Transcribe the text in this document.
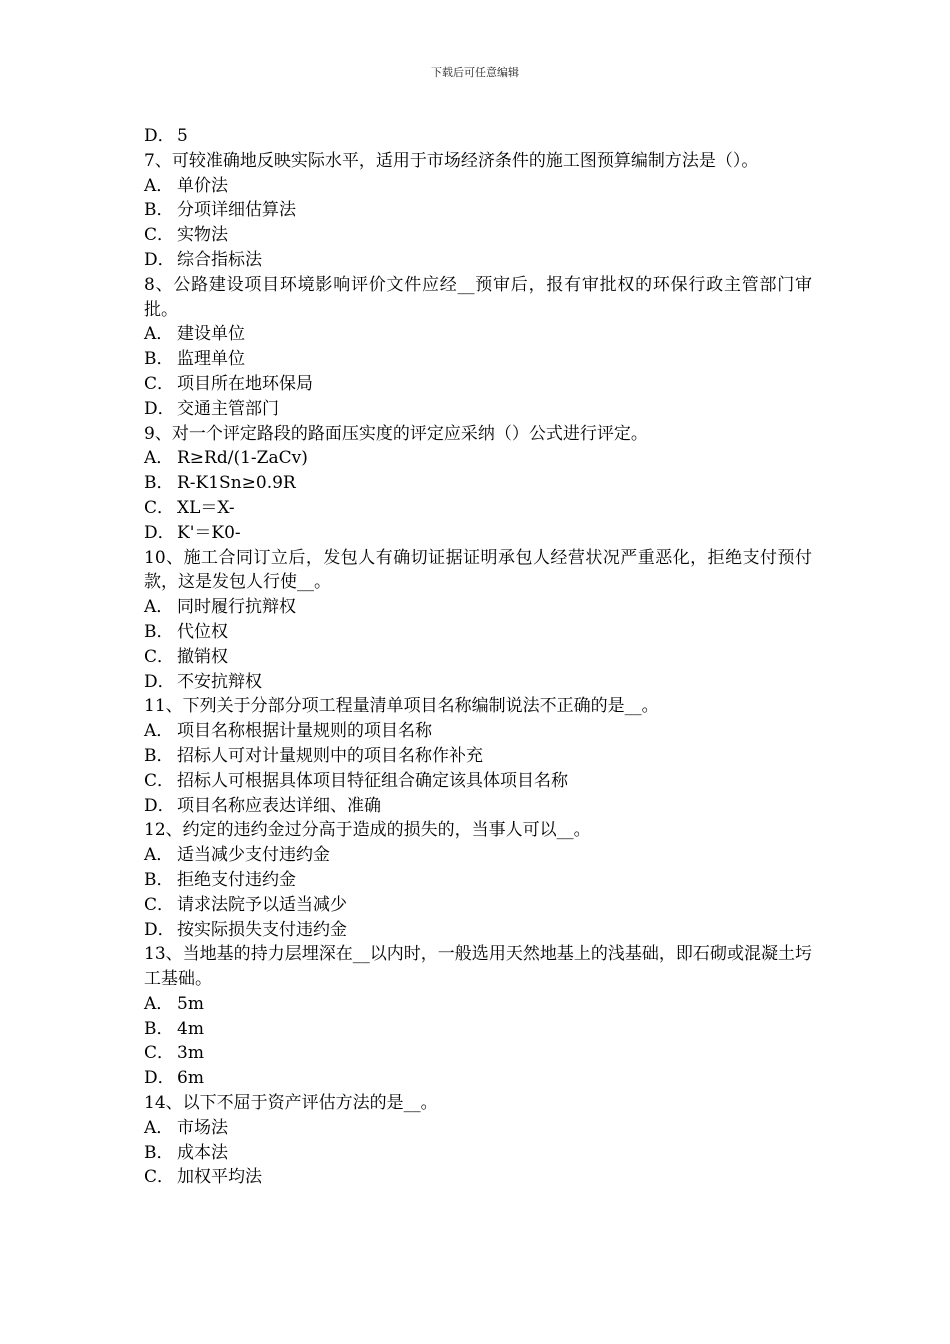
下载后可任意编辑
D． 5
7、可较准确地反映实际水平，适用于市场经济条件的施工图预算编制方法是（）。
A． 单价法
B． 分项详细估算法
C． 实物法
D． 综合指标法
8、公路建设项目环境影响评价文件应经__预审后，报有审批权的环保行政主管部门审批。
A． 建设单位
B． 监理单位
C． 项目所在地环保局
D． 交通主管部门
9、对一个评定路段的路面压实度的评定应采纳（）公式进行评定。
A． R≥Rd/(1-ZaCv)
B． R-K1Sn≥0.9R
C． XL＝X-
D． K'＝K0-
10、施工合同订立后，发包人有确切证据证明承包人经营状况严重恶化，拒绝支付预付款，这是发包人行使__。
A． 同时履行抗辩权
B． 代位权
C． 撤销权
D． 不安抗辩权
11、下列关于分部分项工程量清单项目名称编制说法不正确的是__。
A． 项目名称根据计量规则的项目名称
B． 招标人可对计量规则中的项目名称作补充
C． 招标人可根据具体项目特征组合确定该具体项目名称
D． 项目名称应表达详细、准确
12、约定的违约金过分高于造成的损失的，当事人可以__。
A． 适当减少支付违约金
B． 拒绝支付违约金
C． 请求法院予以适当减少
D． 按实际损失支付违约金
13、当地基的持力层埋深在__以内时，一般选用天然地基上的浅基础，即石砌或混凝土圬工基础。
A． 5m
B． 4m
C． 3m
D． 6m
14、以下不屈于资产评估方法的是__。
A． 市场法
B． 成本法
C． 加权平均法
